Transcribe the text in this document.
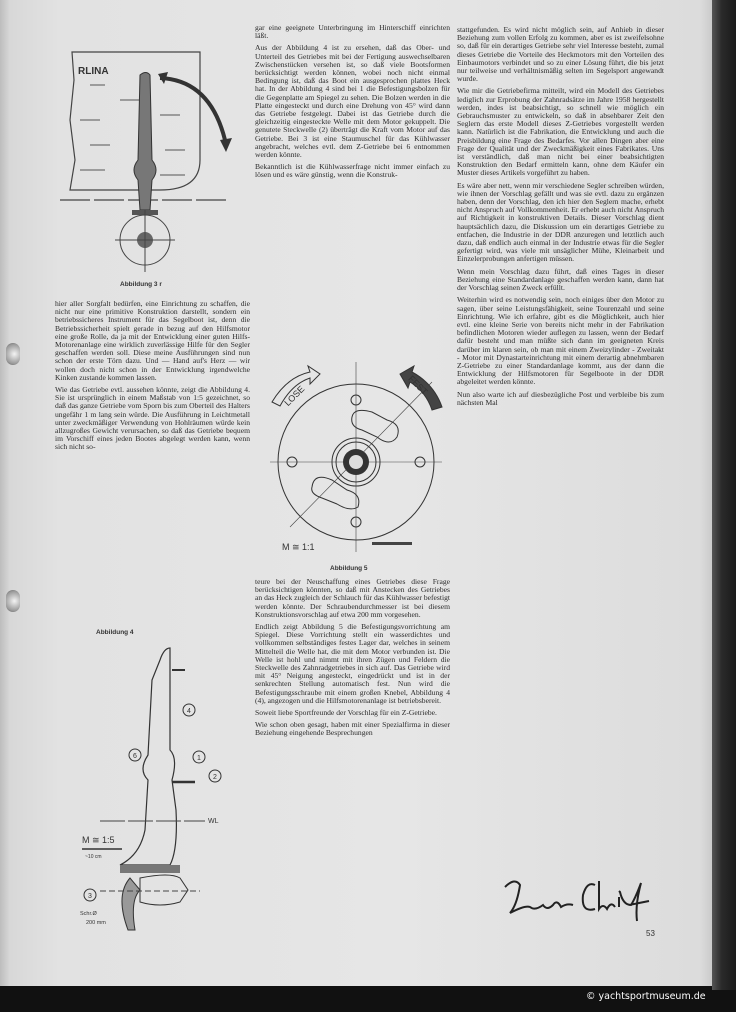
RLINA
Abbildung 3 r

hier aller Sorgfalt bedürfen, eine Einrichtung zu schaffen, die nicht nur eine primitive Konstruktion darstellt, sondern ein betriebssicheres Instrument für das Segelboot ist, denn die Betriebssicherheit spielt gerade in bezug auf den Hilfsmotor eine große Rolle, da ja mit der Entwicklung einer guten Hilfs-Motorenanlage eine wirklich zuverlässige Hilfe für den Segler geschaffen werden soll. Diese meine Ausführungen sind nun schon der erste Törn dazu. Und — Hand auf's Herz — wir wollen doch nicht schon in der Entwicklung irgendwelche Kinken zustande kommen lassen.

Wie das Getriebe evtl. aussehen könnte, zeigt die Abbildung 4. Sie ist ursprünglich in einem Maßstab von 1:5 gezeichnet, so daß das ganze Getriebe vom Sporn bis zum Oberteil des Halters ungefähr 1 m lang sein würde. Die Ausführung in Leichtmetall unter zweckmäßiger Verwendung von Hohlräumen würde kein allzugroßes Gewicht verursachen, so daß das Getriebe bequem im Vorschiff eines jeden Bootes abgelegt werden kann, wenn sich nicht so-

Abbildung 4
4
6	1
2
3
WL
M ≅ 1:5
~10 cm
Schr.Ø
200 mm

gar eine geeignete Unterbringung im Hinterschiff einrichten läßt.

Aus der Abbildung 4 ist zu ersehen, daß das Ober- und Unterteil des Getriebes mit bei der Fertigung auswechselbaren Zwischenstücken versehen ist, so daß viele Bootsformen berücksichtigt werden können, wobei noch nicht einmal Bedingung ist, daß das Boot ein ausgesprochen plattes Heck hat. In der Abbildung 4 sind bei 1 die Befestigungsbolzen für die Gegenplatte am Spiegel zu sehen. Die Bolzen werden in die Platte eingesteckt und durch eine Drehung von 45° wird dann das Getriebe festgelegt. Dabei ist das Getriebe durch die gleichzeitig eingesteckte Welle mit dem Motor gekuppelt. Die genutete Steckwelle (2) überträgt die Kraft vom Motor auf das Getriebe. Bei 3 ist eine Staumuschel für das Kühlwasser angebracht, welches evtl. dem Z-Getriebe bei 6 entnommen werden könnte.

Bekanntlich ist die Kühlwasserfrage nicht immer einfach zu lösen und es wäre günstig, wenn die Konstruk-

LOSE	FEST
M ≅ 1:1
Abbildung 5

teure bei der Neuschaffung eines Getriebes diese Frage berücksichtigen könnten, so daß mit Anstecken des Getriebes an das Heck zugleich der Schlauch für das Kühlwasser befestigt werden könnte. Der Schraubendurchmesser ist bei diesem Konstruktionsvorschlag auf etwa 200 mm vorgesehen.

Endlich zeigt Abbildung 5 die Befestigungsvorrichtung am Spiegel. Diese Vorrichtung stellt ein wasserdichtes und vollkommen selbständiges festes Lager dar, welches in seinem Mittelteil die Welle hat, die mit dem Motor verbunden ist. Die Welle ist hohl und nimmt mit ihren Zügen und Feldern die Steckwelle des Zahnradgetriebes in sich auf. Das Getriebe wird mit 45° Neigung angesteckt, eingedrückt und ist in der senkrechten Stellung automatisch fest. Nun wird die Befestigungsschraube mit einem großen Knebel, Abbildung 4 (4), angezogen und die Hilfsmotorenanlage ist betriebsbereit.

Soweit liebe Sportfreunde der Vorschlag für ein Z-Getriebe.

Wie schon oben gesagt, haben mit einer Spezialfirma in dieser Beziehung eingehende Besprechungen

stattgefunden. Es wird nicht möglich sein, auf Anhieb in dieser Beziehung zum vollen Erfolg zu kommen, aber es ist zweifelsohne so, daß für ein derartiges Getriebe sehr viel Interesse besteht, zumal dieses Getriebe die Vorteile des Heckmotors mit den Vorteilen des Einbaumotors verbindet und so zu einer Lösung führt, die bis jetzt nur teilweise und verhältnismäßig selten im Segelsport angewandt wurde.

Wie mir die Getriebefirma mitteilt, wird ein Modell des Getriebes lediglich zur Erprobung der Zahnradsätze im Jahre 1958 hergestellt werden, indes ist beabsichtigt, so schnell wie möglich ein Gebrauchsmuster zu entwickeln, so daß in absehbarer Zeit den Seglern das erste Modell dieses Z-Getriebes vorgestellt werden kann. Natürlich ist die Fabrikation, die Entwicklung und auch die Preisbildung eine Frage des Bedarfes. Vor allen Dingen aber eine Frage der Qualität und der Zweckmäßigkeit eines Fabrikates. Uns ist verständlich, daß man nicht bei einer beabsichtigten Konstruktion den Bedarf ermitteln kann, ohne dem Käufer ein Muster dieses Artikels vorgeführt zu haben.

Es wäre aber nett, wenn mir verschiedene Segler schreiben würden, wie ihnen der Vorschlag gefällt und was sie evtl. dazu zu ergänzen haben, denn der Vorschlag, den ich hier den Seglern mache, erhebt nicht Anspruch auf Vollkommenheit. Er erhebt auch nicht Anspruch auf Richtigkeit in konstruktiven Details. Dieser Vorschlag dient hauptsächlich dazu, die Diskussion um ein derartiges Getriebe zu entfachen, die Industrie in der DDR anzuregen und letztlich auch dazu, daß endlich auch einmal in der Industrie etwas für die Segler gefertigt wird, was viele mit unsäglicher Mühe, Kleinarbeit und Einzelerprobungen anfertigen müssen.

Wenn mein Vorschlag dazu führt, daß eines Tages in dieser Beziehung eine Standardanlage geschaffen werden kann, dann hat der Vorschlag seinen Zweck erfüllt.

Weiterhin wird es notwendig sein, noch einiges über den Motor zu sagen, über seine Leistungsfähigkeit, seine Tourenzahl und seine Einrichtung. Wie ich erfahre, gibt es die Möglichkeit, auch hier evtl. eine kleine Serie von bereits nicht mehr in der Fabrikation befindlichen Motoren wieder auflegen zu lassen, wenn der Bedarf dafür besteht und man müßte sich dann im geeigneten Kreis darüber im klaren sein, ob man mit einem Zweizylinder - Zweitakt - Motor mit Dynastarteinrichtung mit einem derartig abnehmbaren Z-Getriebe zu einer Standardanlage kommt, aus der dann die Entwicklung der Hilfsmotoren für Segelboote in der DDR abgeleitet werden könnte.

Nun also warte ich auf diesbezügliche Post und verbleibe bis zum nächsten Mal

53
© yachtsportmuseum.de
